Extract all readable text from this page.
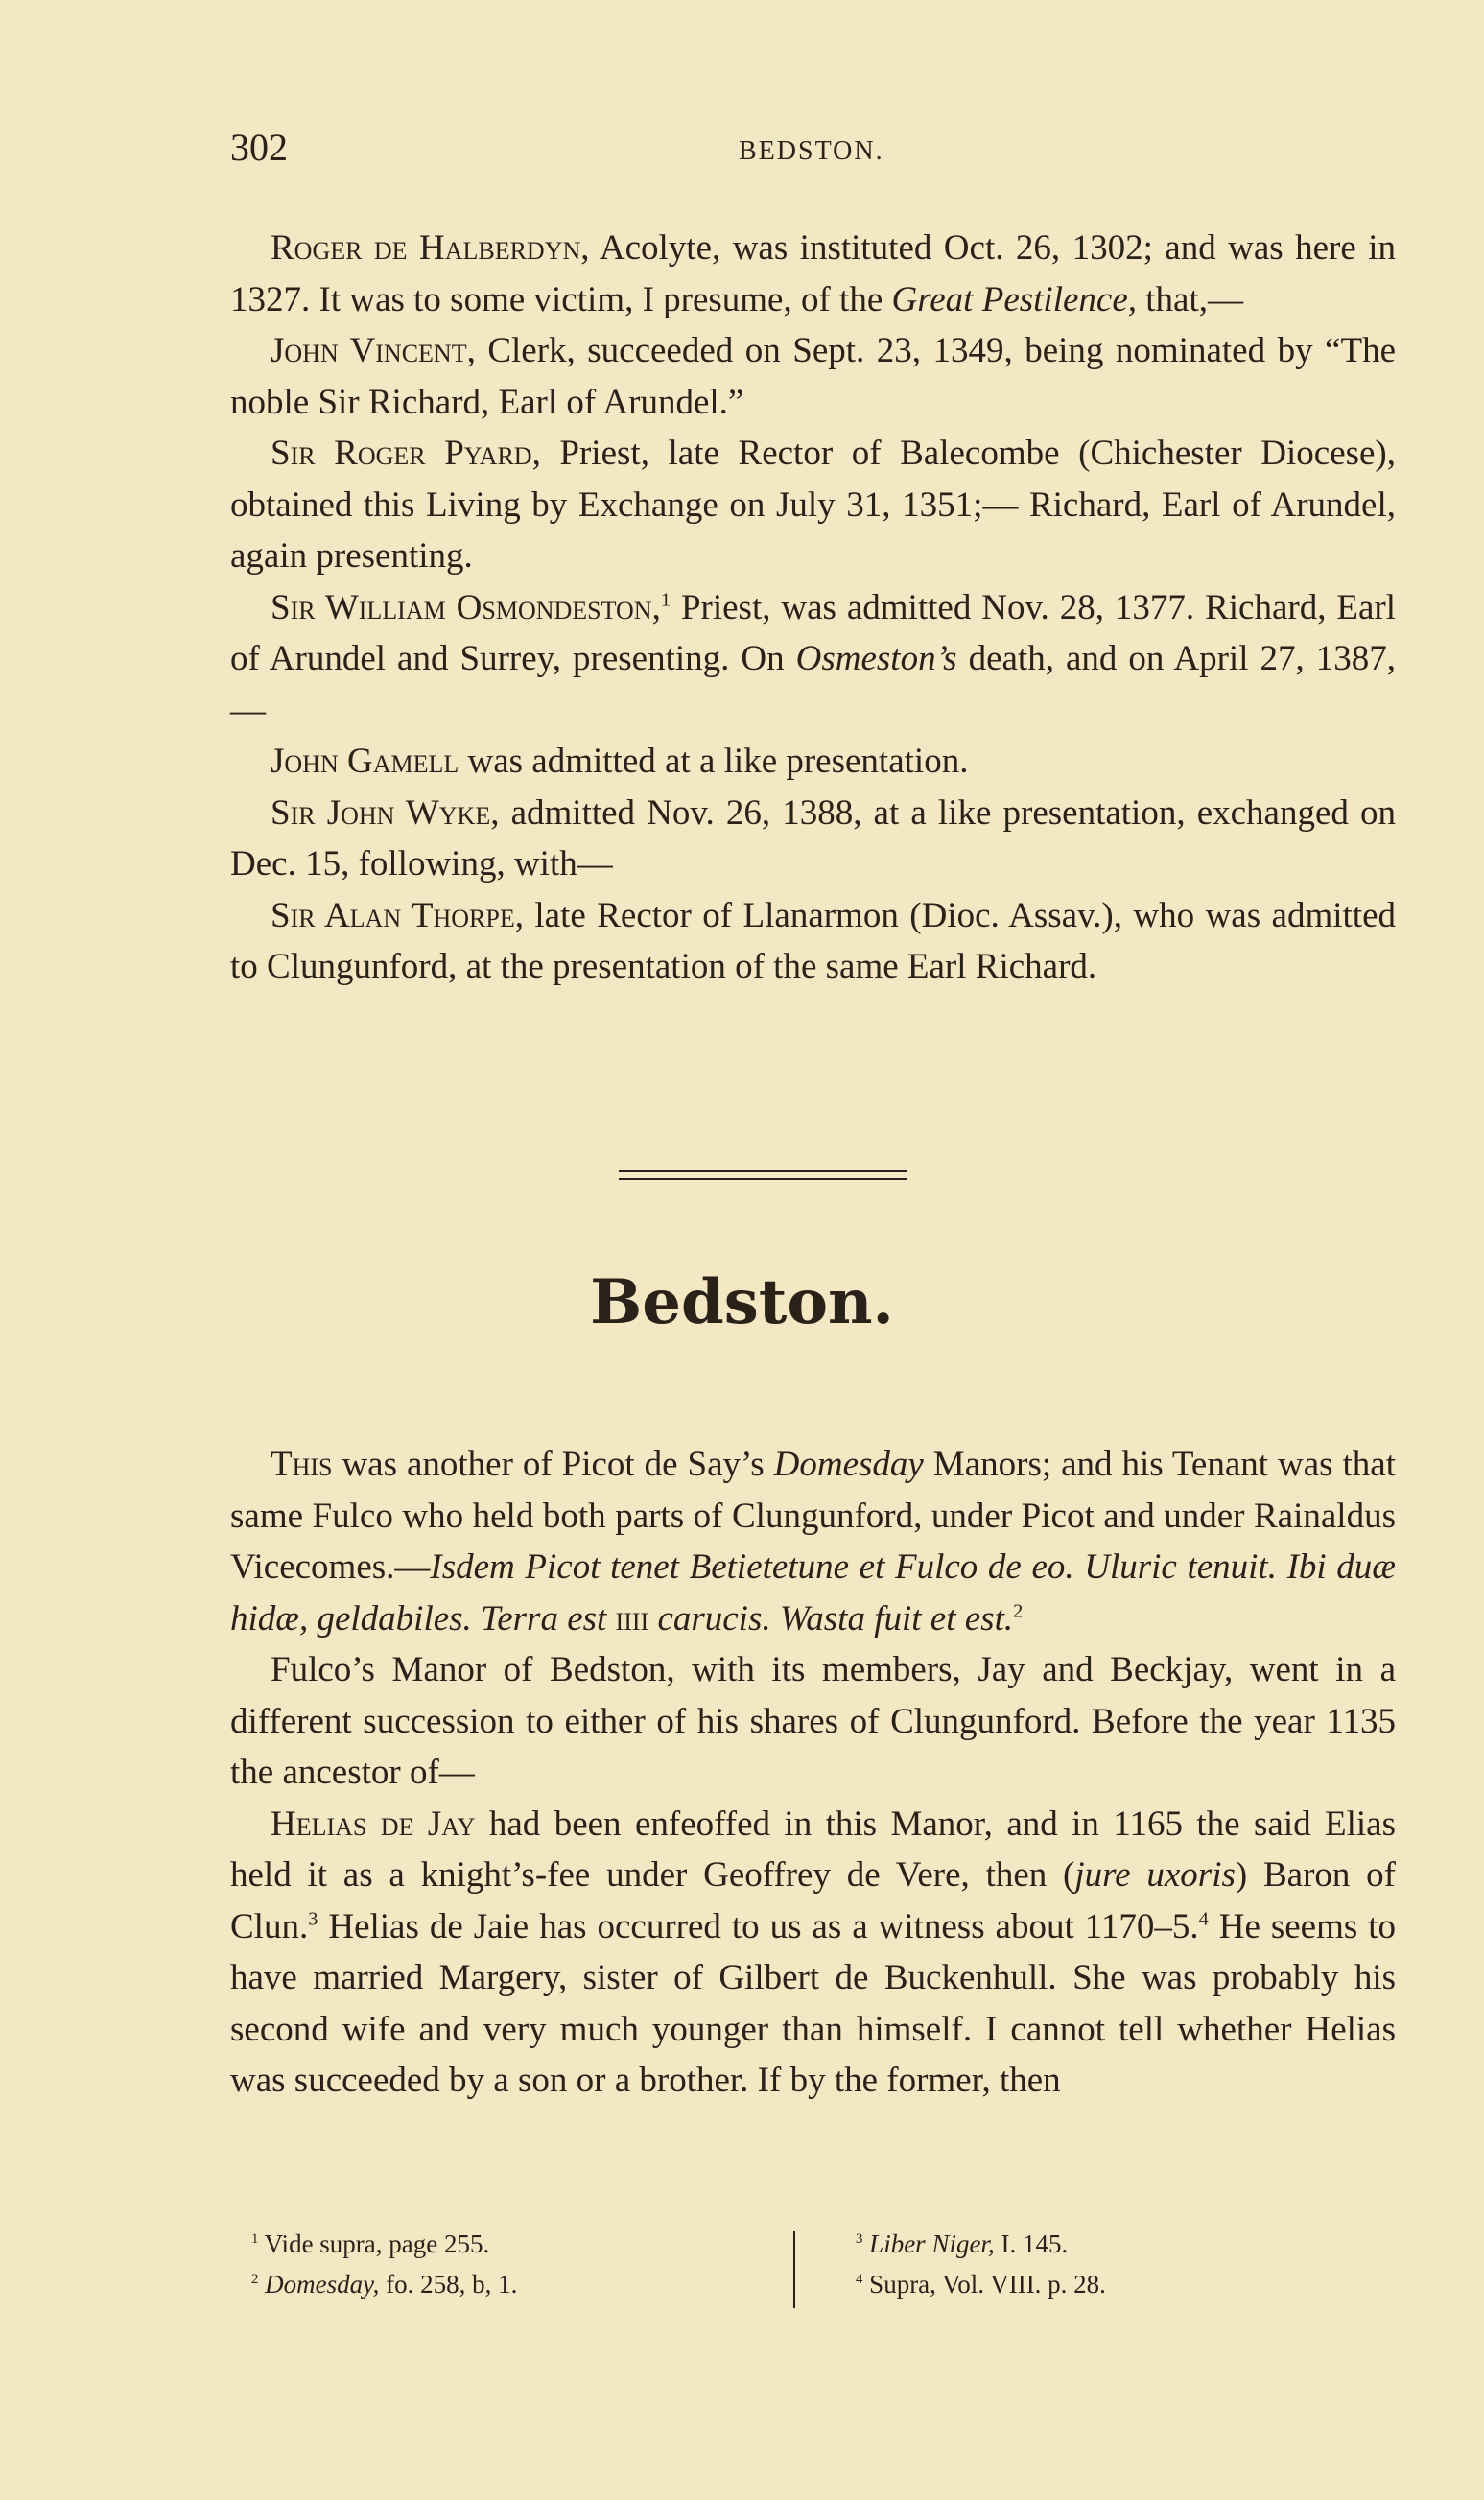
302	BEDSTON.

Roger de Halberdyn, Acolyte, was instituted Oct. 26, 1302; and was here in 1327. It was to some victim, I presume, of the Great Pestilence, that,—

John Vincent, Clerk, succeeded on Sept. 23, 1349, being nominated by “The noble Sir Richard, Earl of Arundel.”

Sir Roger Pyard, Priest, late Rector of Balecombe (Chichester Diocese), obtained this Living by Exchange on July 31, 1351;— Richard, Earl of Arundel, again presenting.

Sir William Osmondeston,$^1$ Priest, was admitted Nov. 28, 1377. Richard, Earl of Arundel and Surrey, presenting. On Osmeston’s death, and on April 27, 1387,—

John Gamell was admitted at a like presentation.

Sir John Wyke, admitted Nov. 26, 1388, at a like presentation, exchanged on Dec. 15, following, with—

Sir Alan Thorpe, late Rector of Llanarmon (Dioc. Assav.), who was admitted to Clungunford, at the presentation of the same Earl Richard.

Bedston.

This was another of Picot de Say’s Domesday Manors; and his Tenant was that same Fulco who held both parts of Clungunford, under Picot and under Rainaldus Vicecomes.—Isdem Picot tenet Betietetune et Fulco de eo. Uluric tenuit. Ibi duæ hidæ, geldabiles. Terra est iiii carucis. Wasta fuit et est.$^2$

Fulco’s Manor of Bedston, with its members, Jay and Beckjay, went in a different succession to either of his shares of Clungunford. Before the year 1135 the ancestor of—

Helias de Jay had been enfeoffed in this Manor, and in 1165 the said Elias held it as a knight’s-fee under Geoffrey de Vere, then (jure uxoris) Baron of Clun.$^3$ Helias de Jaie has occurred to us as a witness about 1170–5.$^4$ He seems to have married Margery, sister of Gilbert de Buckenhull. She was probably his second wife and very much younger than himself. I cannot tell whether Helias was succeeded by a son or a brother. If by the former, then

$^1$ Vide supra, page 255.
$^2$ Domesday, fo. 258, b, 1.
$^3$ Liber Niger, I. 145.
$^4$ Supra, Vol. VIII. p. 28.
